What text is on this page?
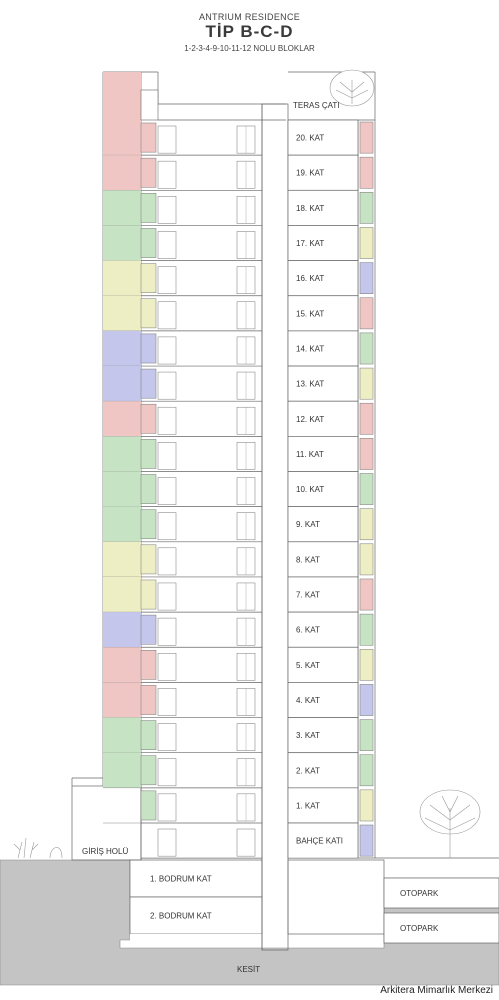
ANTRIUM RESIDENCE
TİP B-C-D
1-2-3-4-9-10-11-12 NOLU BLOKLAR
20. KAT
19. KAT
18. KAT
17. KAT
16. KAT
15. KAT
14. KAT
13. KAT
12. KAT
11. KAT
10. KAT
9. KAT
8. KAT
7. KAT
6. KAT
5. KAT
4. KAT
3. KAT
2. KAT
1. KAT
BAHÇE KATI
1. BODRUM KAT
2. BODRUM KAT
OTOPARK
OTOPARK
TERAS ÇATI
GİRİŞ HOLÜ
KESİT
Arkitera Mimarlık Merkezi
